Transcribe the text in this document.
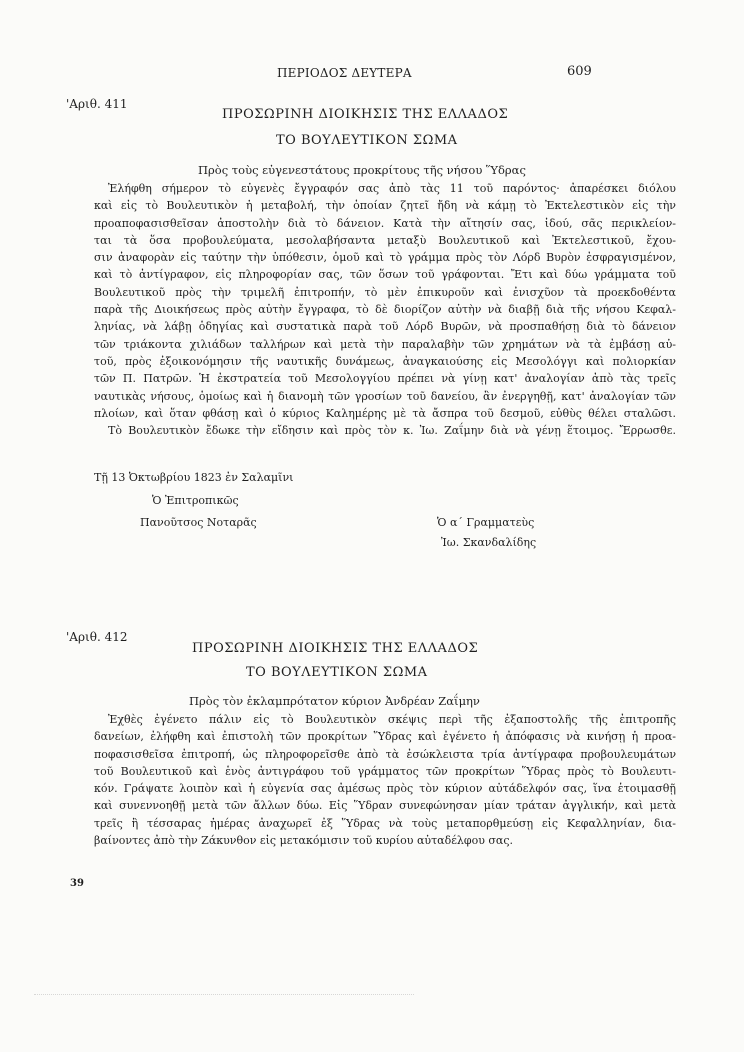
ΠΕΡΙΟΔΟΣ ΔΕΥΤΕΡΑ	609
'Αριθ. 411
ΠΡΟΣΩΡΙΝΗ ΔΙΟΙΚΗΣΙΣ ΤΗΣ ΕΛΛΑΔΟΣ
ΤΟ ΒΟΥΛΕΥΤΙΚΟΝ ΣΩΜΑ
Πρὸς τοὺς εὐγενεστάτους προκρίτους τῆς νήσου Ὕδρας
Ἐλήφθη σήμερον τὸ εὐγενὲς ἔγγραφόν σας ἀπὸ τὰς 11 τοῦ παρόντος· ἀπαρέσκει διόλου
καὶ εἰς τὸ Βουλευτικὸν ἡ μεταβολή, τὴν ὁποίαν ζητεῖ ἤδη νὰ κάμῃ τὸ Ἐκτελεστικὸν εἰς τὴν
προαποφασισθεῖσαν ἀποστολὴν διὰ τὸ δάνειον. Κατὰ τὴν αἴτησίν σας, ἰδού, σᾶς περικλείον-
ται τὰ ὅσα προβουλεύματα, μεσολαβήσαντα μεταξὺ Βουλευτικοῦ καὶ Ἐκτελεστικοῦ, ἔχου-
σιν ἀναφορὰν εἰς ταύτην τὴν ὑπόθεσιν, ὁμοῦ καὶ τὸ γράμμα πρὸς τὸν Λόρδ Βυρὸν ἐσφραγισμένον,
καὶ τὸ ἀντίγραφον, εἰς πληροφορίαν σας, τῶν ὅσων τοῦ γράφονται. Ἔτι καὶ δύω γράμματα τοῦ
Βουλευτικοῦ πρὸς τὴν τριμελῆ ἐπιτροπήν, τὸ μὲν ἐπικυροῦν καὶ ἐνισχῦον τὰ προεκδοθέντα
παρὰ τῆς Διοικήσεως πρὸς αὐτὴν ἔγγραφα, τὸ δὲ διορίζον αὐτὴν νὰ διαβῇ διὰ τῆς νήσου Κεφαλ-
ληνίας, νὰ λάβῃ ὁδηγίας καὶ συστατικὰ παρὰ τοῦ Λόρδ Βυρῶν, νὰ προσπαθήσῃ διὰ τὸ δάνειον
τῶν τριάκοντα χιλιάδων ταλλήρων καὶ μετὰ τὴν παραλαβὴν τῶν χρημάτων νὰ τὰ ἐμβάσῃ αὐ-
τοῦ, πρὸς ἐξοικονόμησιν τῆς ναυτικῆς δυνάμεως, ἀναγκαιούσης εἰς Μεσολόγγι καὶ πολιορκίαν
τῶν Π. Πατρῶν. Ἡ ἐκστρατεία τοῦ Μεσολογγίου πρέπει νὰ γίνῃ κατ' ἀναλογίαν ἀπὸ τὰς τρεῖς
ναυτικὰς νήσους, ὁμοίως καὶ ἡ διανομὴ τῶν γροσίων τοῦ δανείου, ἂν ἐνεργηθῇ, κατ' ἀναλογίαν τῶν
πλοίων, καὶ ὅταν φθάσῃ καὶ ὁ κύριος Καλημέρης μὲ τὰ ἄσπρα τοῦ δεσμοῦ, εὐθὺς θέλει σταλῶσι.
Τὸ Βουλευτικὸν ἔδωκε τὴν εἴδησιν καὶ πρὸς τὸν κ. Ἰω. Ζαΐμην διὰ νὰ γένῃ ἕτοιμος. Ἔρρωσθε.
Τῇ 13 Ὀκτωβρίου 1823 ἐν Σαλαμῖνι
Ὁ Ἐπιτροπικῶς
Πανοῦτσος Νοταρᾶς	Ὁ α΄ Γραμματεὺς
Ἰω. Σκανδαλίδης
'Αριθ. 412
ΠΡΟΣΩΡΙΝΗ ΔΙΟΙΚΗΣΙΣ ΤΗΣ ΕΛΛΑΔΟΣ
ΤΟ ΒΟΥΛΕΥΤΙΚΟΝ ΣΩΜΑ
Πρὸς τὸν ἐκλαμπρότατον κύριον Ἀνδρέαν Ζαΐμην
Ἐχθὲς ἐγένετο πάλιν εἰς τὸ Βουλευτικὸν σκέψις περὶ τῆς ἐξαποστολῆς τῆς ἐπιτροπῆς
δανείων, ἐλήφθη καὶ ἐπιστολὴ τῶν προκρίτων Ὕδρας καὶ ἐγένετο ἡ ἀπόφασις νὰ κινήσῃ ἡ προα-
ποφασισθεῖσα ἐπιτροπή, ὡς πληροφορεῖσθε ἀπὸ τὰ ἐσώκλειστα τρία ἀντίγραφα προβουλευμάτων
τοῦ Βουλευτικοῦ καὶ ἑνὸς ἀντιγράφου τοῦ γράμματος τῶν προκρίτων Ὕδρας πρὸς τὸ Βουλευτι-
κόν. Γράψατε λοιπὸν καὶ ἡ εὐγενία σας ἀμέσως πρὸς τὸν κύριον αὐτάδελφόν σας, ἵνα ἑτοιμασθῇ
καὶ συνεννοηθῇ μετὰ τῶν ἄλλων δύω. Εἰς Ὕδραν συνεφώνησαν μίαν τράταν ἀγγλικήν, καὶ μετὰ
τρεῖς ἢ τέσσαρας ἡμέρας ἀναχωρεῖ ἐξ Ὕδρας νὰ τοὺς μεταπορθμεύσῃ εἰς Κεφαλληνίαν, δια-
βαίνοντες ἀπὸ τὴν Ζάκυνθον εἰς μετακόμισιν τοῦ κυρίου αὐταδέλφου σας.
39
